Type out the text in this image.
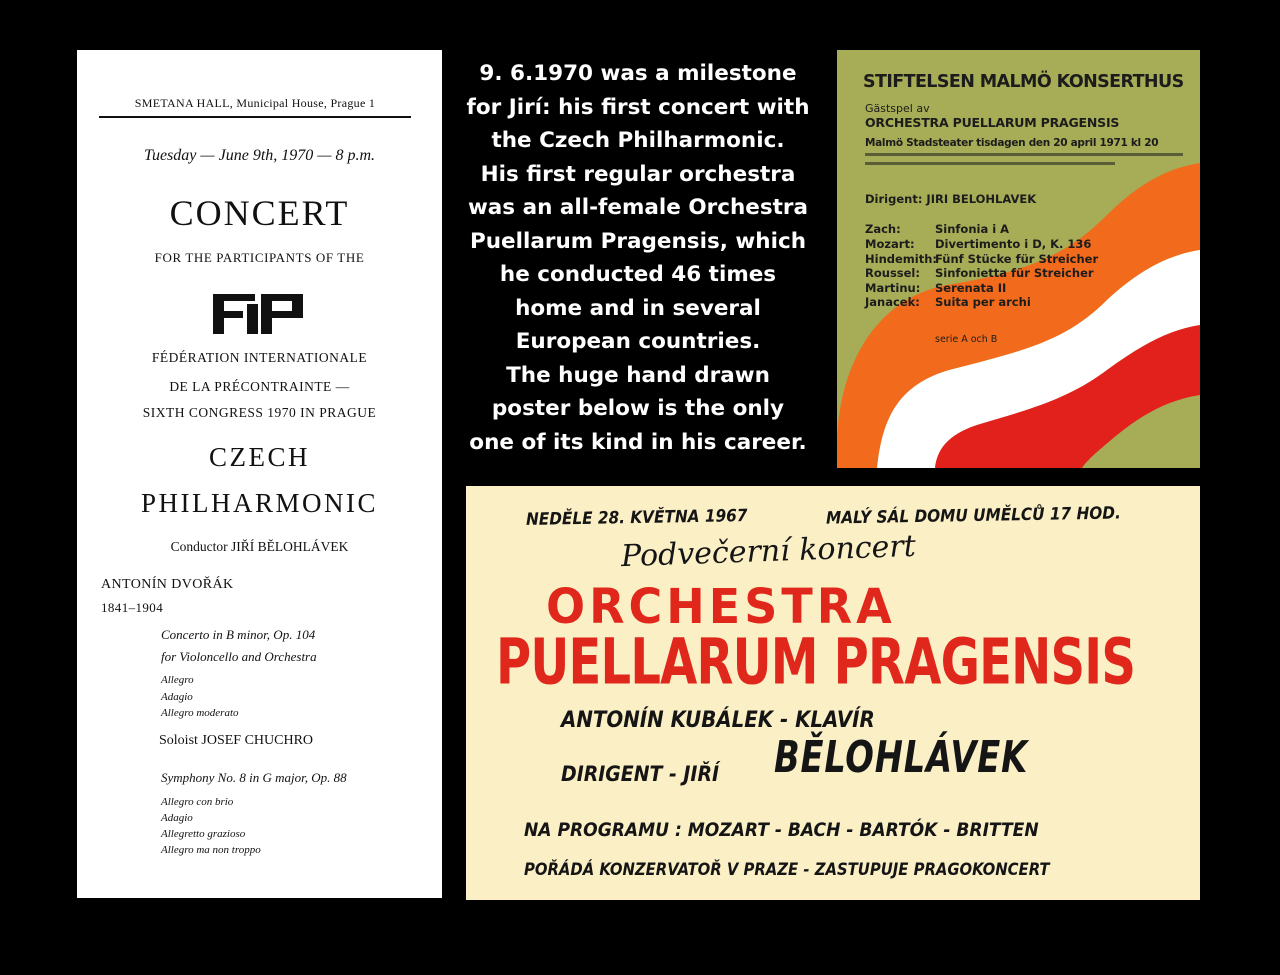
SMETANA HALL, Municipal House, Prague 1
Tuesday — June 9th, 1970 — 8 p.m.
CONCERT
FOR THE PARTICIPANTS OF THE
FÉDÉRATION INTERNATIONALE
DE LA PRÉCONTRAINTE —
SIXTH CONGRESS 1970 IN PRAGUE
CZECH
PHILHARMONIC
Conductor JIŘÍ BĚLOHLÁVEK
ANTONÍN DVOŘÁK
1841–1904
Concerto in B minor, Op. 104
for Violoncello and Orchestra
Allegro
Adagio
Allegro moderato
Soloist JOSEF CHUCHRO
Symphony No. 8 in G major, Op. 88
Allegro con brio
Adagio
Allegretto grazioso
Allegro ma non troppo
9. 6.1970 was a milestone
for Jirí: his first concert with
the Czech Philharmonic.
His first regular orchestra
was an all-female Orchestra
Puellarum Pragensis, which
he conducted 46 times
home and in several
European countries.
The huge hand drawn
poster below is the only
one of its kind in his career.
STIFTELSEN MALMÖ KONSERTHUS
Gästspel av
ORCHESTRA PUELLARUM PRAGENSIS
Malmö Stadsteater tisdagen den 20 april 1971 kl 20
Dirigent: JIRI BELOHLAVEK
Zach:	Sinfonia i A
Mozart: Divertimento i D, K. 136
Hindemith:Fünf Stücke für Streicher
Roussel: Sinfonietta für Streicher
Martinu: Serenata II
Janacek: Suita per archi
serie A och B
NEDĚLE 28. KVĚTNA 1967	MALÝ SÁL DOMU UMĚLCŮ 17 HOD.
Podvečerní koncert
ORCHESTRA
PUELLARUM PRAGENSIS
ANTONÍN KUBÁLEK - KLAVÍR
DIRIGENT - JIŘÍ BĚLOHLÁVEK
NA PROGRAMU : MOZART - BACH - BARTÓK - BRITTEN
POŘÁDÁ KONZERVATOŘ V PRAZE - ZASTUPUJE PRAGOKONCERT
